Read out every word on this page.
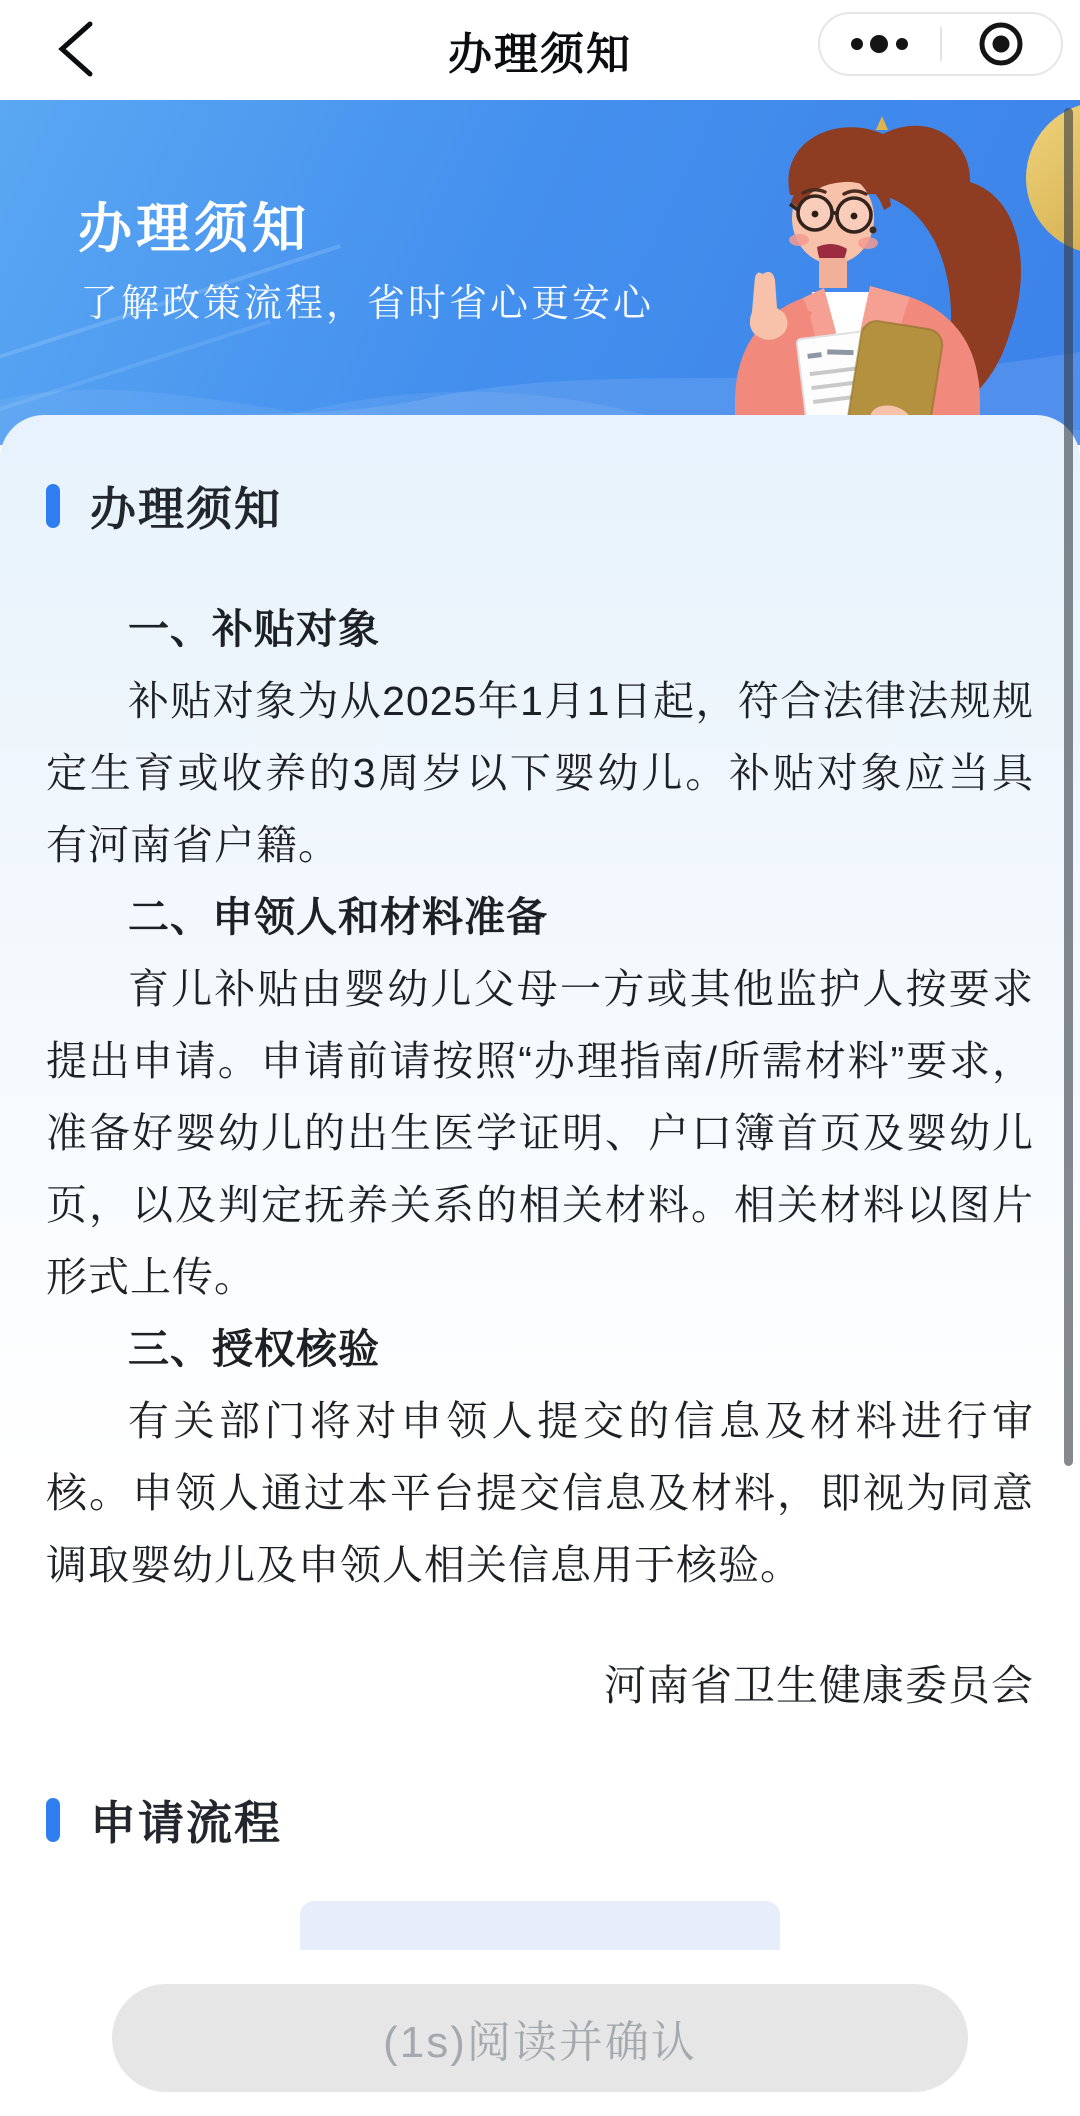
办理须知
办理须知
了解政策流程，省时省心更安心
办理须知

一、补贴对象

补贴对象为从2025年1月1日起，符合法律法规规定生育或收养的3周岁以下婴幼儿。补贴对象应当具有河南省户籍。

二、申领人和材料准备

育儿补贴由婴幼儿父母一方或其他监护人按要求提出申请。申请前请按照“办理指南/所需材料”要求，准备好婴幼儿的出生医学证明、户口簿首页及婴幼儿页，以及判定抚养关系的相关材料。相关材料以图片形式上传。

三、授权核验

有关部门将对申领人提交的信息及材料进行审核。申领人通过本平台提交信息及材料，即视为同意调取婴幼儿及申领人相关信息用于核验。

河南省卫生健康委员会
申请流程
(1s)阅读并确认
